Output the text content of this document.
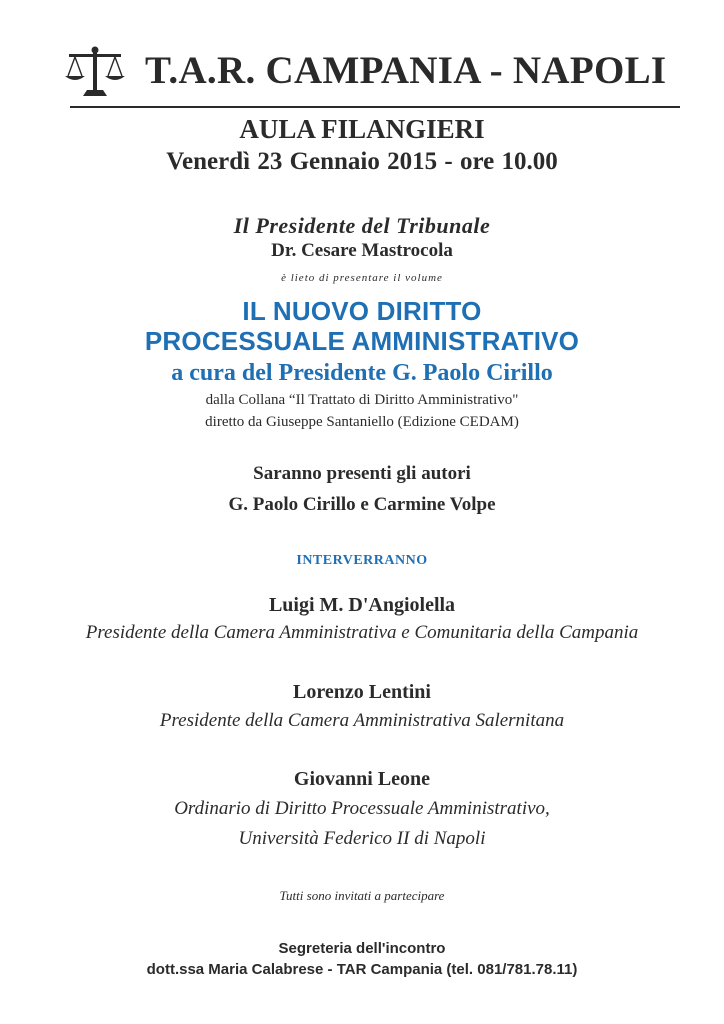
T.A.R. CAMPANIA - NAPOLI
AULA FILANGIERI
Venerdì 23 Gennaio 2015 - ore 10.00
Il Presidente del Tribunale
Dr. Cesare Mastrocola
è lieto di presentare il volume
IL NUOVO DIRITTO
PROCESSUALE AMMINISTRATIVO
a cura del Presidente G. Paolo Cirillo
dalla Collana “Il Trattato di Diritto Amministrativo"
diretto da Giuseppe Santaniello (Edizione CEDAM)
Saranno presenti gli autori
G. Paolo Cirillo e Carmine Volpe
INTERVERRANNO
Luigi M. D'Angiolella
Presidente della Camera Amministrativa e Comunitaria della Campania
Lorenzo Lentini
Presidente della Camera Amministrativa Salernitana
Giovanni Leone
Ordinario di Diritto Processuale Amministrativo,
Università Federico II di Napoli
Tutti sono invitati a partecipare
Segreteria dell'incontro
dott.ssa Maria Calabrese - TAR Campania (tel. 081/781.78.11)
